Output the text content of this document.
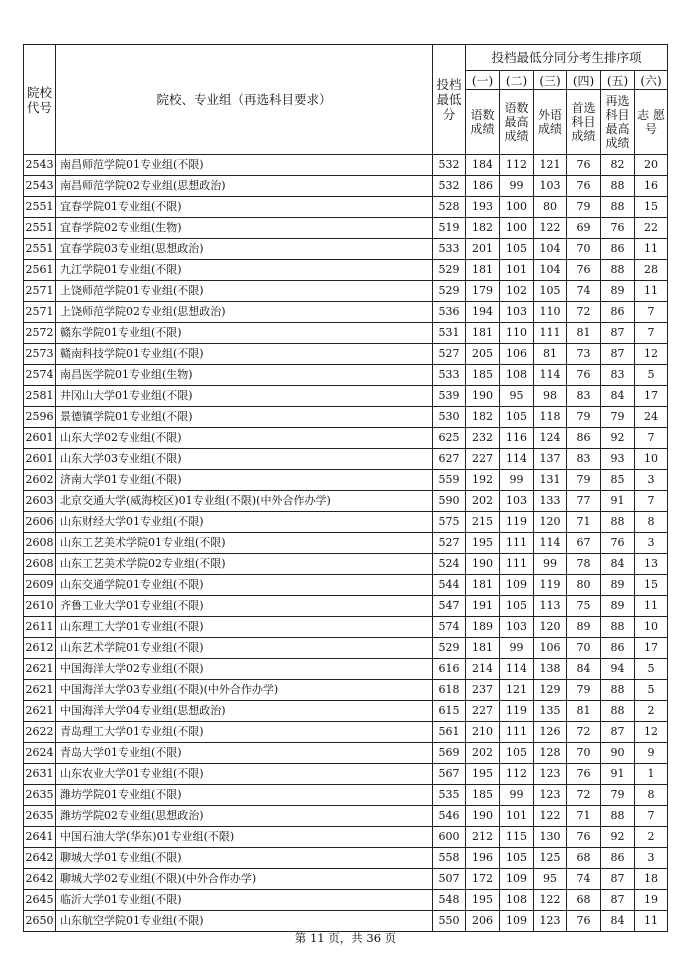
院校
代号	院校、专业组（再选科目要求）	投档
最低
分	投档最低分同分考生排序项					
			(一)	(二)	(三)	(四)	(五)	(六)
			语数 成绩	语数 最高 成绩	外语 成绩	首选 科目 成绩	再选 科目 最高 成绩	志 愿 号
2543	南昌师范学院01专业组(不限)	532	184	112	121	76	82	20
2543	南昌师范学院02专业组(思想政治)	532	186	99	103	76	88	16
2551	宜春学院01专业组(不限)	528	193	100	80	79	88	15
2551	宜春学院02专业组(生物)	519	182	100	122	69	76	22
2551	宜春学院03专业组(思想政治)	533	201	105	104	70	86	11
2561	九江学院01专业组(不限)	529	181	101	104	76	88	28
2571	上饶师范学院01专业组(不限)	529	179	102	105	74	89	11
2571	上饶师范学院02专业组(思想政治)	536	194	103	110	72	86	7
2572	赣东学院01专业组(不限)	531	181	110	111	81	87	7
2573	赣南科技学院01专业组(不限)	527	205	106	81	73	87	12
2574	南昌医学院01专业组(生物)	533	185	108	114	76	83	5
2581	井冈山大学01专业组(不限)	539	190	95	98	83	84	17
2596	景德镇学院01专业组(不限)	530	182	105	118	79	79	24
2601	山东大学02专业组(不限)	625	232	116	124	86	92	7
2601	山东大学03专业组(不限)	627	227	114	137	83	93	10
2602	济南大学01专业组(不限)	559	192	99	131	79	85	3
2603	北京交通大学(威海校区)01专业组(不限)(中外合作办学)	590	202	103	133	77	91	7
2606	山东财经大学01专业组(不限)	575	215	119	120	71	88	8
2608	山东工艺美术学院01专业组(不限)	527	195	111	114	67	76	3
2608	山东工艺美术学院02专业组(不限)	524	190	111	99	78	84	13
2609	山东交通学院01专业组(不限)	544	181	109	119	80	89	15
2610	齐鲁工业大学01专业组(不限)	547	191	105	113	75	89	11
2611	山东理工大学01专业组(不限)	574	189	103	120	89	88	10
2612	山东艺术学院01专业组(不限)	529	181	99	106	70	86	17
2621	中国海洋大学02专业组(不限)	616	214	114	138	84	94	5
2621	中国海洋大学03专业组(不限)(中外合作办学)	618	237	121	129	79	88	5
2621	中国海洋大学04专业组(思想政治)	615	227	119	135	81	88	2
2622	青岛理工大学01专业组(不限)	561	210	111	126	72	87	12
2624	青岛大学01专业组(不限)	569	202	105	128	70	90	9
2631	山东农业大学01专业组(不限)	567	195	112	123	76	91	1
2635	潍坊学院01专业组(不限)	535	185	99	123	72	79	8
2635	潍坊学院02专业组(思想政治)	546	190	101	122	71	88	7
2641	中国石油大学(华东)01专业组(不限)	600	212	115	130	76	92	2
2642	聊城大学01专业组(不限)	558	196	105	125	68	86	3
2642	聊城大学02专业组(不限)(中外合作办学)	507	172	109	95	74	87	18
2645	临沂大学01专业组(不限)	548	195	108	122	68	87	19
2650	山东航空学院01专业组(不限)	550	206	109	123	76	84	11
第 11 页，共 36 页
